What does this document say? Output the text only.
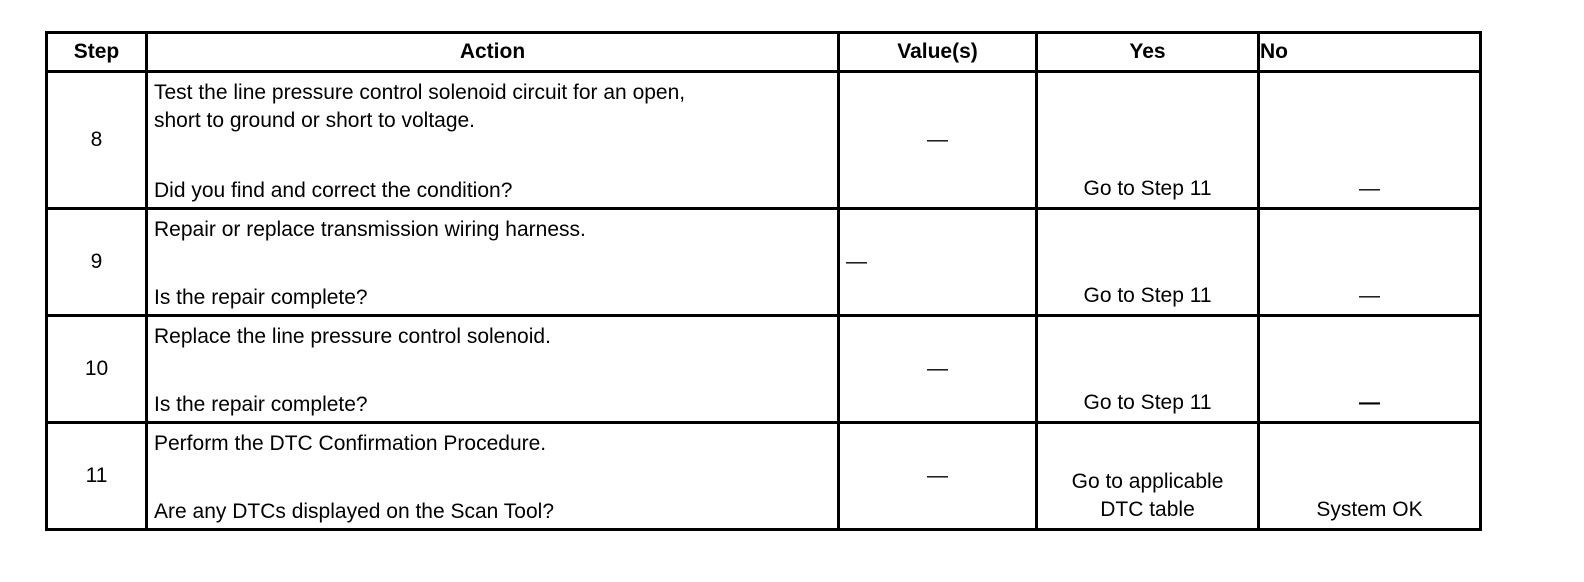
Step	Action	Value(s)	Yes	No

8	Test the line pressure control solenoid circuit for an open,
short to ground or short to voltage.
Did you find and correct the condition?	—	Go to Step 11	—

9	Repair or replace transmission wiring harness.
Is the repair complete?	—	Go to Step 11	—

10	Replace the line pressure control solenoid.
Is the repair complete?	—	Go to Step 11	—

11	Perform the DTC Confirmation Procedure.
Are any DTCs displayed on the Scan Tool?	—	Go to applicable
DTC table	System OK
